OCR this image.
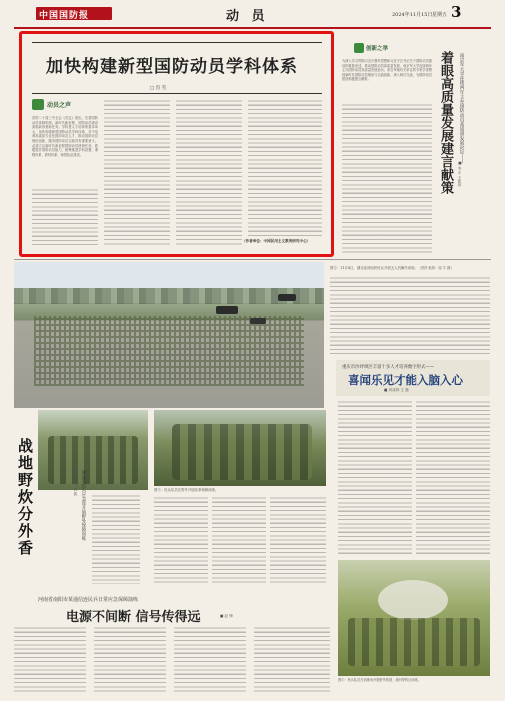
中国国防报	动 员	2024年11月15日 星期五 3
加快构建新型国防动员学科体系
□ 肖 雪
动员之声

党的二十届三中全会《决定》指出，完善国防动员体制机制。新时代新征程，国防动员建设面临新形势新任务。学科是人才培养的基本单元，加快构建新型国防动员学科体系，对于培养高素质专业化国防动员人才、推动国防动员理论创新、服务国防动员实践具有重要意义。必须立足新时代新征程国防动员使命任务，着眼提升国防动员能力，统筹推进学科设置、课程体系、教材体系、师资队伍建设。

（作者单位：中国民用主义教育研究中心）
创新之举

为深入学习贯彻习近平强军思想和习近平总书记关于国防动员建设的重要论述，推动国防动员高质量发展，南京军大学连续两年主办国防动员高质量发展论坛。来自军地有关单位的专家学者围绕新时代国防动员理论与实践创新，深入研讨交流，为国防动员建设积极建言献策。	着眼高质量发展建言献策	南京军大学连续两年主办国防动员高质量发展论坛——
■ 李 平 王凯伟
图②：11月4日，湖北某部组织民兵开展无人机操作训练。（图片来源：周 宇 摄）
战
地
野
炊
分
外
香
湖南某民兵应急连开展野外保障训练
■ 罗建华 郭 凯	图③：民兵队员在野外开展炊事保障演练。
重庆市沙坪坝区丰富十多人才培养数字形式——
喜闻乐见才能入脑入心
■ 刘成林 王 磊
图④：民兵队员在训练场开展野外救援、渡河等科目训练。
河南省南阳市某通信连民兵日常应急保障演练
电源不间断 信号传得远	■ 赵 锋
